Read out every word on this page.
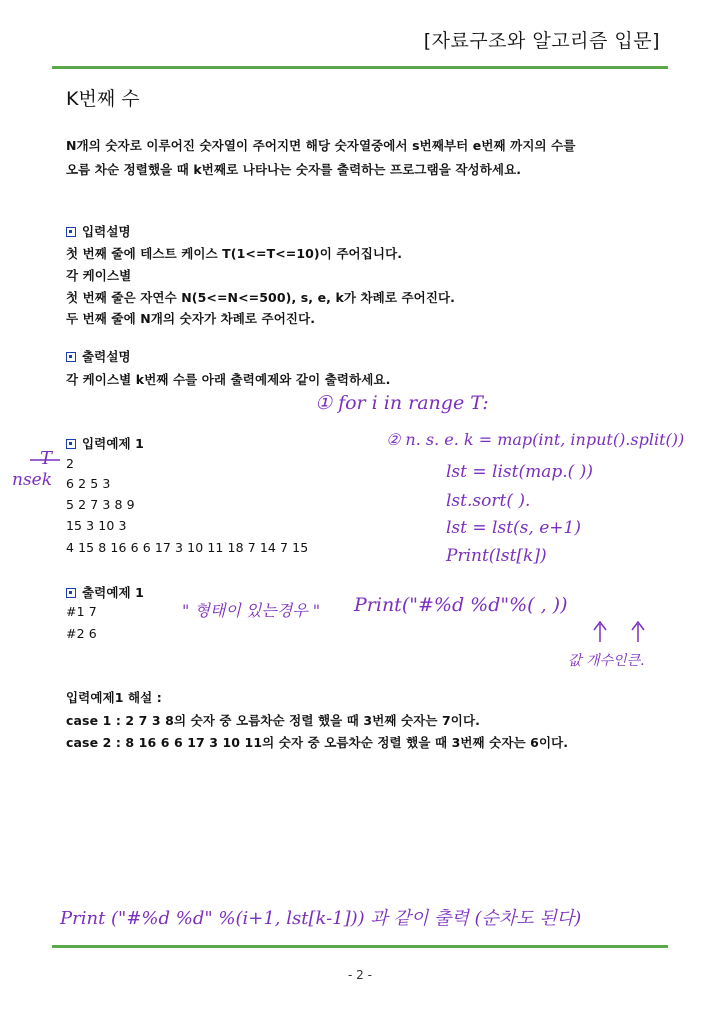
[자료구조와 알고리즘 입문]
K번째 수
N개의 숫자로 이루어진 숫자열이 주어지면 해당 숫자열중에서 s번째부터 e번째 까지의 수를
오름 차순 정렬했을 때 k번째로 나타나는 숫자를 출력하는 프로그램을 작성하세요.
입력설명
첫 번째 줄에 테스트 케이스 T(1<=T<=10)이 주어집니다.
각 케이스별
첫 번째 줄은 자연수 N(5<=N<=500), s, e, k가 차례로 주어진다.
두 번째 줄에 N개의 숫자가 차례로 주어진다.
출력설명
각 케이스별 k번째 수를 아래 출력예제와 같이 출력하세요.
입력예제 1
2
6 2 5 3
5 2 7 3 8 9
15 3 10 3
4 15 8 16 6 6 17 3 10 11 18 7 14 7 15
출력예제 1
#1 7
#2 6
입력예제1 해설 :
case 1 : 2 7 3 8의 숫자 중 오름차순 정렬 했을 때 3번째 숫자는 7이다.
case 2 : 8 16 6 6 17 3 10 11의 숫자 중 오름차순 정렬 했을 때 3번째 숫자는 6이다.
① for i in range T:
② n. s. e. k = map(int, input().split())
lst = list(map.( ))
lst.sort( ).
lst = lst(s, e+1)
Print(lst[k])
T
nsek
" 형태이 있는경우 " Print("#%d %d"%( , ))
값 개수인큰.
Print ("#%d %d" %(i+1, lst[k-1])) 과 같이 출력 (순차도 된다)
- 2 -
